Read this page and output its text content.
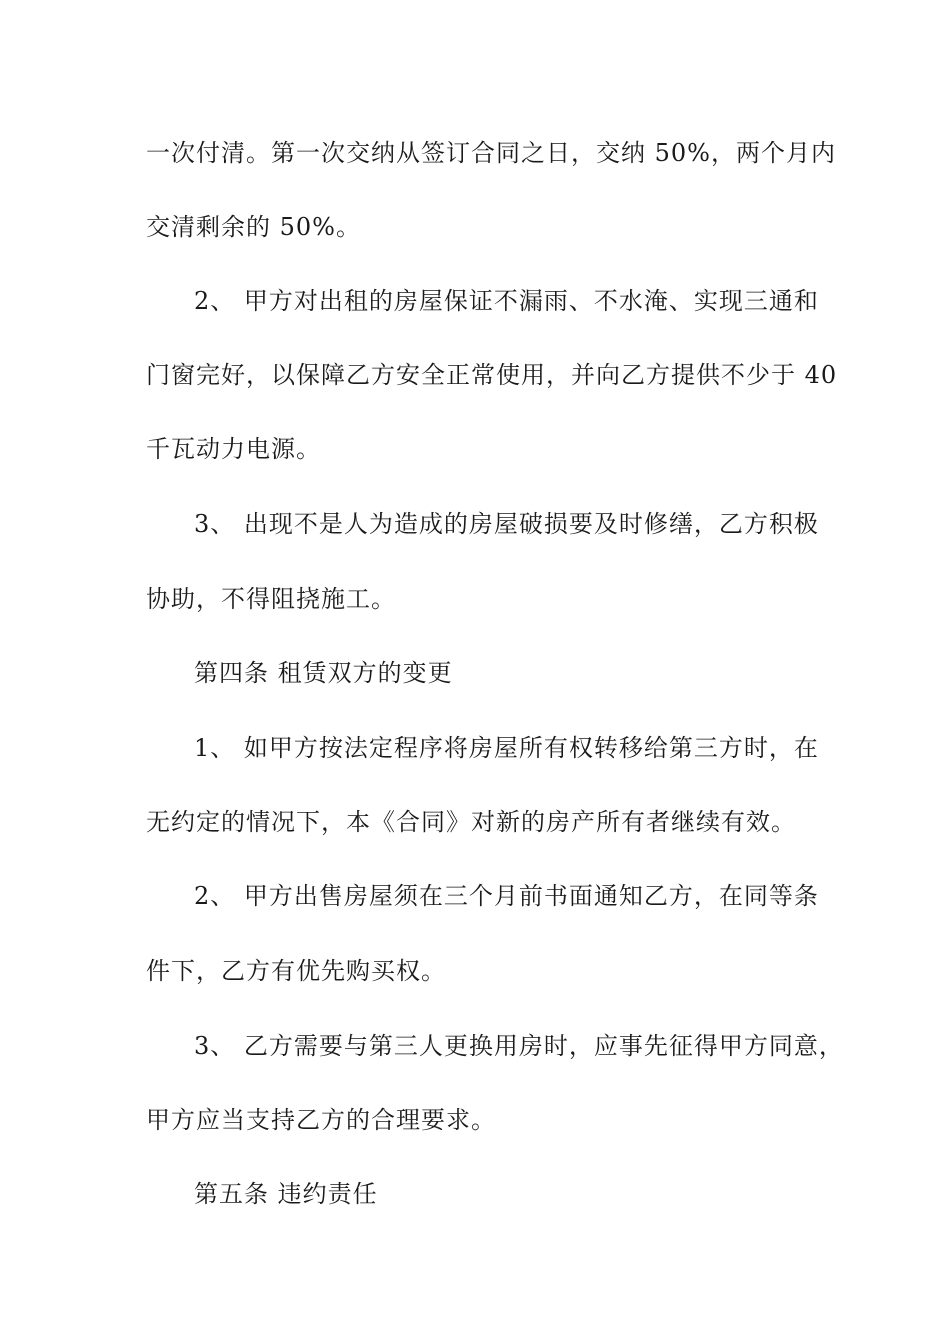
一次付清。第一次交纳从签订合同之日，交纳 50%，两个月内
交清剩余的 50%。
2、 甲方对出租的房屋保证不漏雨、不水淹、实现三通和
门窗完好，以保障乙方安全正常使用，并向乙方提供不少于 40
千瓦动力电源。
3、 出现不是人为造成的房屋破损要及时修缮，乙方积极
协助，不得阻挠施工。
第四条 租赁双方的变更
1、 如甲方按法定程序将房屋所有权转移给第三方时，在
无约定的情况下，本《合同》对新的房产所有者继续有效。
2、 甲方出售房屋须在三个月前书面通知乙方，在同等条
件下，乙方有优先购买权。
3、 乙方需要与第三人更换用房时，应事先征得甲方同意，
甲方应当支持乙方的合理要求。
第五条 违约责任
